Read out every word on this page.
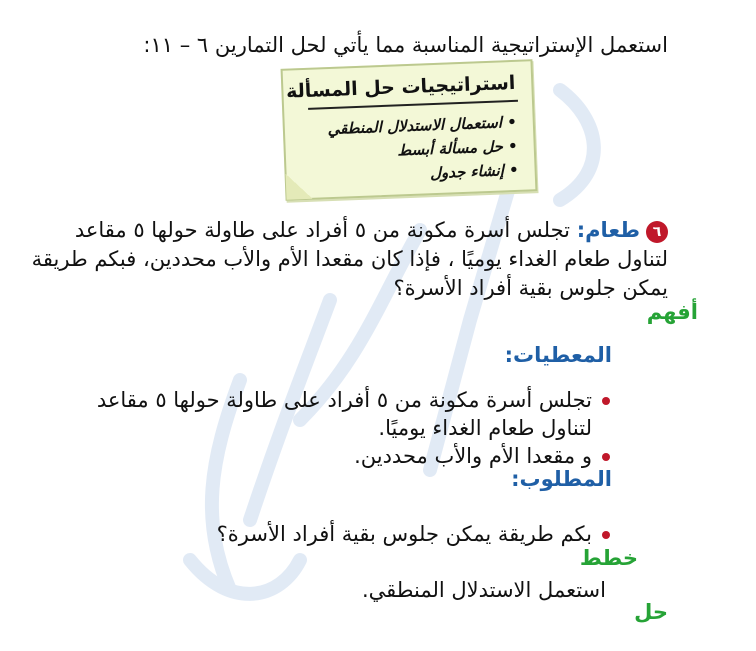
استعمل الإستراتيجية المناسبة مما يأتي لحل التمارين ٦ – ١١:
استراتيجيات حل المسألة
• استعمال الاستدلال المنطقي
• حل مسألة أبسط
• إنشاء جدول
٦طعام: تجلس أسرة مكونة من ٥ أفراد على طاولة حولها ٥ مقاعد لتناول طعام الغداء يوميًا ، فإذا كان مقعدا الأم والأب محددين، فبكم طريقة يمكن جلوس بقية أفراد الأسرة؟
أفهم
المعطيات:
تجلس أسرة مكونة من ٥ أفراد على طاولة حولها ٥ مقاعد لتناول طعام الغداء يوميًا.
و مقعدا الأم والأب محددين.
المطلوب:
بكم طريقة يمكن جلوس بقية أفراد الأسرة؟
خطط
استعمل الاستدلال المنطقي.
حل
